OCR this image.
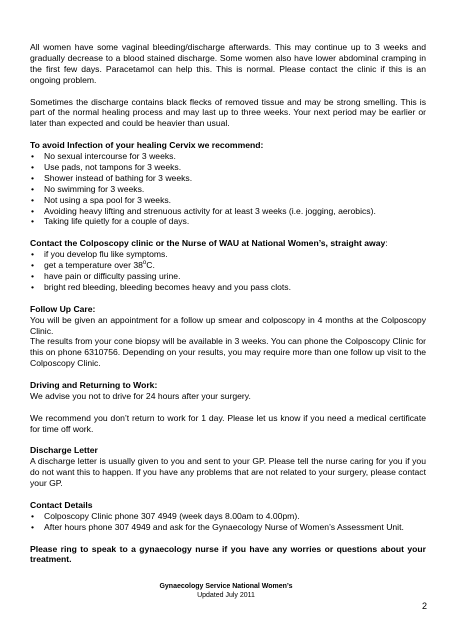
All women have some vaginal bleeding/discharge afterwards. This may continue up to 3 weeks and gradually decrease to a blood stained discharge. Some women also have lower abdominal cramping in the first few days. Paracetamol can help this. This is normal. Please contact the clinic if this is an ongoing problem.

Sometimes the discharge contains black flecks of removed tissue and may be strong smelling. This is part of the normal healing process and may last up to three weeks. Your next period may be earlier or later than expected and could be heavier than usual.

To avoid Infection of your healing Cervix we recommend:
• No sexual intercourse for 3 weeks.
• Use pads, not tampons for 3 weeks.
• Shower instead of bathing for 3 weeks.
• No swimming for 3 weeks.
• Not using a spa pool for 3 weeks.
• Avoiding heavy lifting and strenuous activity for at least 3 weeks (i.e. jogging, aerobics).
• Taking life quietly for a couple of days.
Contact the Colposcopy clinic or the Nurse of WAU at National Women’s, straight away:
• if you develop flu like symptoms.
• get a temperature over 38$^o$C.
• have pain or difficulty passing urine.
• bright red bleeding, bleeding becomes heavy and you pass clots.
Follow Up Care:

You will be given an appointment for a follow up smear and colposcopy in 4 months at the Colposcopy Clinic.

The results from your cone biopsy will be available in 3 weeks. You can phone the Colposcopy Clinic for this on phone 6310756. Depending on your results, you may require more than one follow up visit to the Colposcopy Clinic.

Driving and Returning to Work:

We advise you not to drive for 24 hours after your surgery.

We recommend you don’t return to work for 1 day. Please let us know if you need a medical certificate for time off work.

Discharge Letter

A discharge letter is usually given to you and sent to your GP. Please tell the nurse caring for you if you do not want this to happen. If you have any problems that are not related to your surgery, please contact your GP.

Contact Details
• Colposcopy Clinic phone 307 4949 (week days 8.00am to 4.00pm).
• After hours phone 307 4949 and ask for the Gynaecology Nurse of Women’s Assessment Unit.

Please ring to speak to a gynaecology nurse if you have any worries or questions about your treatment.

Gynaecology Service National Women’s
Updated July 2011
2
